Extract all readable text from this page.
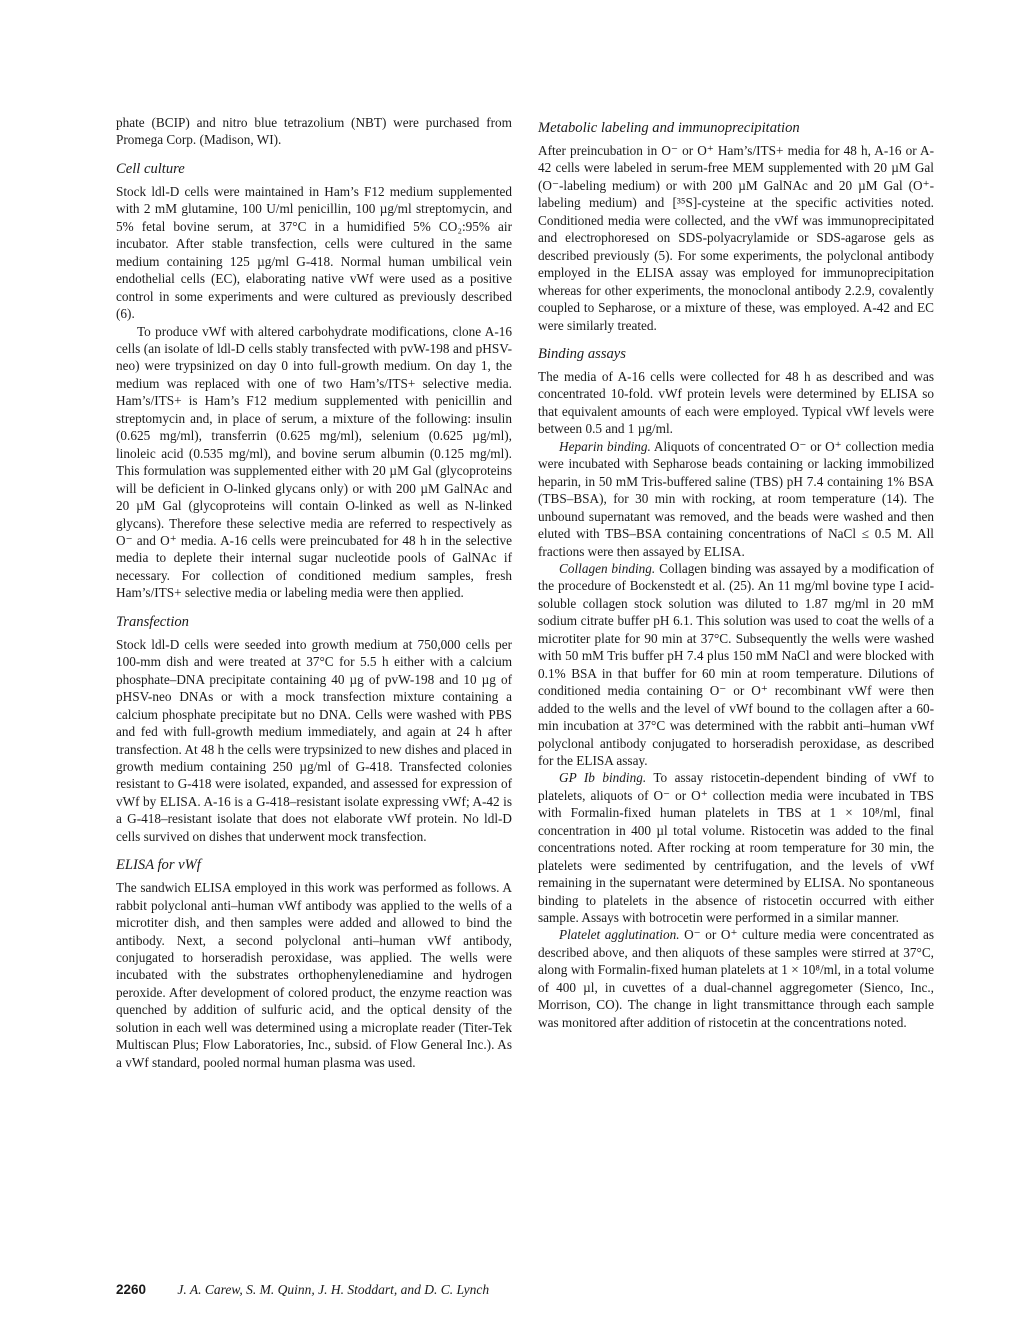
phate (BCIP) and nitro blue tetrazolium (NBT) were purchased from Promega Corp. (Madison, WI).

Cell culture

Stock ldl-D cells were maintained in Ham’s F12 medium supplemented with 2 mM glutamine, 100 U/ml penicillin, 100 µg/ml streptomycin, and 5% fetal bovine serum, at 37°C in a humidified 5% CO₂:95% air incubator. After stable transfection, cells were cultured in the same medium containing 125 µg/ml G-418. Normal human umbilical vein endothelial cells (EC), elaborating native vWf were used as a positive control in some experiments and were cultured as previously described (6).

To produce vWf with altered carbohydrate modifications, clone A-16 cells (an isolate of ldl-D cells stably transfected with pvW-198 and pHSV-neo) were trypsinized on day 0 into full-growth medium. On day 1, the medium was replaced with one of two Ham’s/ITS+ selective media. Ham’s/ITS+ is Ham’s F12 medium supplemented with penicillin and streptomycin and, in place of serum, a mixture of the following: insulin (0.625 mg/ml), transferrin (0.625 mg/ml), selenium (0.625 µg/ml), linoleic acid (0.535 mg/ml), and bovine serum albumin (0.125 mg/ml). This formulation was supplemented either with 20 µM Gal (glycoproteins will be deficient in O-linked glycans only) or with 200 µM GalNAc and 20 µM Gal (glycoproteins will contain O-linked as well as N-linked glycans). Therefore these selective media are referred to respectively as O⁻ and O⁺ media. A-16 cells were preincubated for 48 h in the selective media to deplete their internal sugar nucleotide pools of GalNAc if necessary. For collection of conditioned medium samples, fresh Ham’s/ITS+ selective media or labeling media were then applied.

Transfection

Stock ldl-D cells were seeded into growth medium at 750,000 cells per 100-mm dish and were treated at 37°C for 5.5 h either with a calcium phosphate–DNA precipitate containing 40 µg of pvW-198 and 10 µg of pHSV-neo DNAs or with a mock transfection mixture containing a calcium phosphate precipitate but no DNA. Cells were washed with PBS and fed with full-growth medium immediately, and again at 24 h after transfection. At 48 h the cells were trypsinized to new dishes and placed in growth medium containing 250 µg/ml of G-418. Transfected colonies resistant to G-418 were isolated, expanded, and assessed for expression of vWf by ELISA. A-16 is a G-418–resistant isolate expressing vWf; A-42 is a G-418–resistant isolate that does not elaborate vWf protein. No ldl-D cells survived on dishes that underwent mock transfection.

ELISA for vWf

The sandwich ELISA employed in this work was performed as follows. A rabbit polyclonal anti–human vWf antibody was applied to the wells of a microtiter dish, and then samples were added and allowed to bind the antibody. Next, a second polyclonal anti–human vWf antibody, conjugated to horseradish peroxidase, was applied. The wells were incubated with the substrates orthophenylenediamine and hydrogen peroxide. After development of colored product, the enzyme reaction was quenched by addition of sulfuric acid, and the optical density of the solution in each well was determined using a microplate reader (Titer-Tek Multiscan Plus; Flow Laboratories, Inc., subsid. of Flow General Inc.). As a vWf standard, pooled normal human plasma was used.

Metabolic labeling and immunoprecipitation

After preincubation in O⁻ or O⁺ Ham’s/ITS+ media for 48 h, A-16 or A-42 cells were labeled in serum-free MEM supplemented with 20 µM Gal (O⁻-labeling medium) or with 200 µM GalNAc and 20 µM Gal (O⁺-labeling medium) and [³⁵S]-cysteine at the specific activities noted. Conditioned media were collected, and the vWf was immunoprecipitated and electrophoresed on SDS-polyacrylamide or SDS-agarose gels as described previously (5). For some experiments, the polyclonal antibody employed in the ELISA assay was employed for immunoprecipitation whereas for other experiments, the monoclonal antibody 2.2.9, covalently coupled to Sepharose, or a mixture of these, was employed. A-42 and EC were similarly treated.

Binding assays

The media of A-16 cells were collected for 48 h as described and was concentrated 10-fold. vWf protein levels were determined by ELISA so that equivalent amounts of each were employed. Typical vWf levels were between 0.5 and 1 µg/ml.

Heparin binding. Aliquots of concentrated O⁻ or O⁺ collection media were incubated with Sepharose beads containing or lacking immobilized heparin, in 50 mM Tris-buffered saline (TBS) pH 7.4 containing 1% BSA (TBS–BSA), for 30 min with rocking, at room temperature (14). The unbound supernatant was removed, and the beads were washed and then eluted with TBS–BSA containing concentrations of NaCl ≤ 0.5 M. All fractions were then assayed by ELISA.

Collagen binding. Collagen binding was assayed by a modification of the procedure of Bockenstedt et al. (25). An 11 mg/ml bovine type I acid-soluble collagen stock solution was diluted to 1.87 mg/ml in 20 mM sodium citrate buffer pH 6.1. This solution was used to coat the wells of a microtiter plate for 90 min at 37°C. Subsequently the wells were washed with 50 mM Tris buffer pH 7.4 plus 150 mM NaCl and were blocked with 0.1% BSA in that buffer for 60 min at room temperature. Dilutions of conditioned media containing O⁻ or O⁺ recombinant vWf were then added to the wells and the level of vWf bound to the collagen after a 60-min incubation at 37°C was determined with the rabbit anti–human vWf polyclonal antibody conjugated to horseradish peroxidase, as described for the ELISA assay.

GP Ib binding. To assay ristocetin-dependent binding of vWf to platelets, aliquots of O⁻ or O⁺ collection media were incubated in TBS with Formalin-fixed human platelets in TBS at 1 × 10⁸/ml, final concentration in 400 µl total volume. Ristocetin was added to the final concentrations noted. After rocking at room temperature for 30 min, the platelets were sedimented by centrifugation, and the levels of vWf remaining in the supernatant were determined by ELISA. No spontaneous binding to platelets in the absence of ristocetin occurred with either sample. Assays with botrocetin were performed in a similar manner.

Platelet agglutination. O⁻ or O⁺ culture media were concentrated as described above, and then aliquots of these samples were stirred at 37°C, along with Formalin-fixed human platelets at 1 × 10⁸/ml, in a total volume of 400 µl, in cuvettes of a dual-channel aggregometer (Sienco, Inc., Morrison, CO). The change in light transmittance through each sample was monitored after addition of ristocetin at the concentrations noted.

2260 J. A. Carew, S. M. Quinn, J. H. Stoddart, and D. C. Lynch
